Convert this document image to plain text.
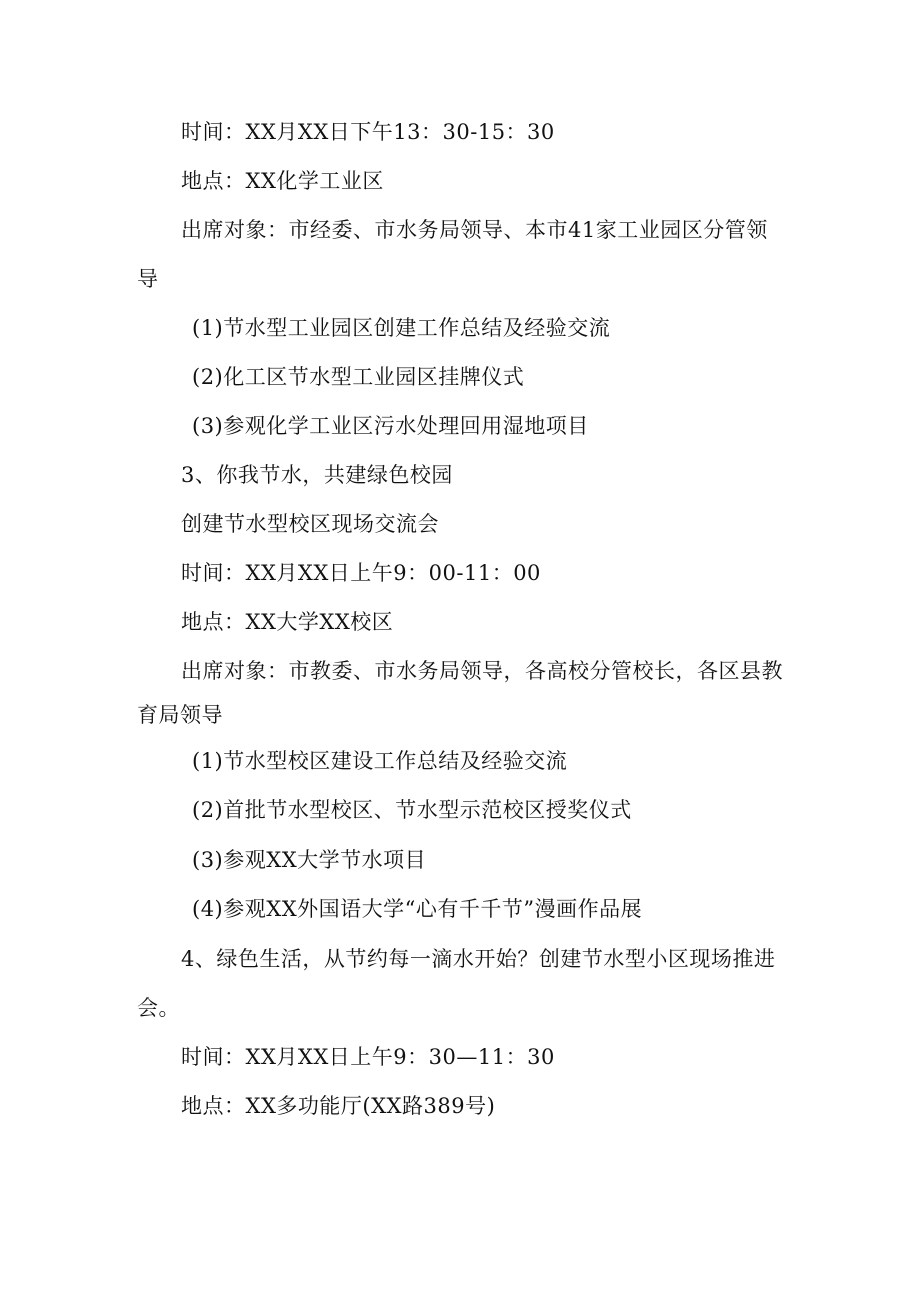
时间：XX月XX日下午13：30-15：30
地点：XX化学工业区
出席对象：市经委、市水务局领导、本市41家工业园区分管领
导
(1)节水型工业园区创建工作总结及经验交流
(2)化工区节水型工业园区挂牌仪式
(3)参观化学工业区污水处理回用湿地项目
3、你我节水，共建绿色校园
创建节水型校区现场交流会
时间：XX月XX日上午9：00-11：00
地点：XX大学XX校区
出席对象：市教委、市水务局领导，各高校分管校长，各区县教
育局领导
(1)节水型校区建设工作总结及经验交流
(2)首批节水型校区、节水型示范校区授奖仪式
(3)参观XX大学节水项目
(4)参观XX外国语大学“心有千千节”漫画作品展
4、绿色生活，从节约每一滴水开始？创建节水型小区现场推进
会。
时间：XX月XX日上午9：30—11：30
地点：XX多功能厅(XX路389号)
